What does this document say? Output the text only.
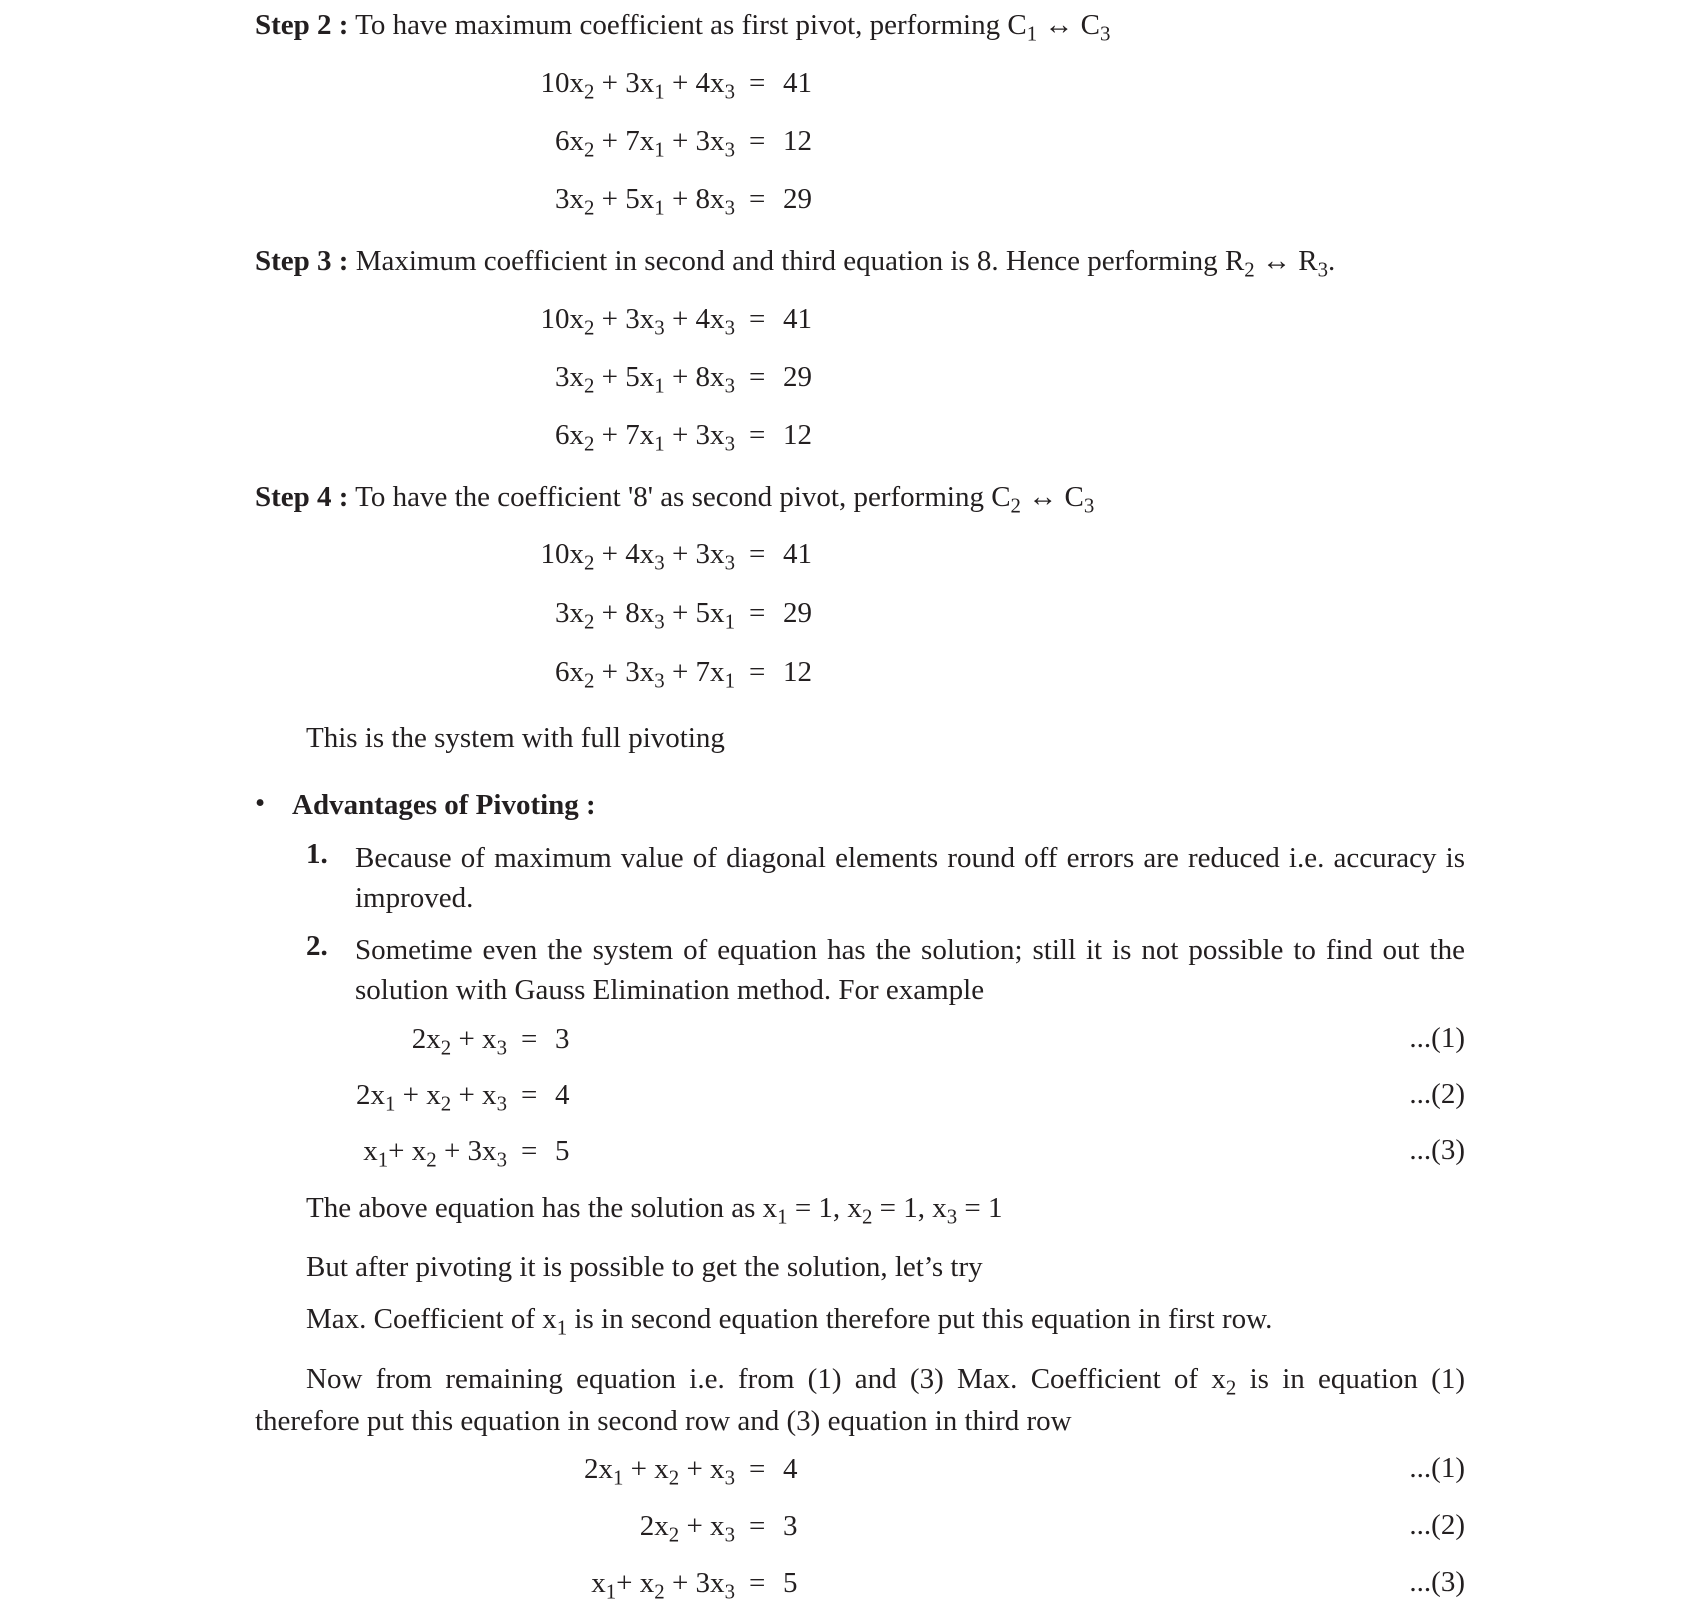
Step 2 : To have maximum coefficient as first pivot, performing $C_1$ ↔ $C_3$
$10x_2 + 3x_1 + 4x_3 = 41$
$6x_2 + 7x_1 + 3x_3 = 12$
$3x_2 + 5x_1 + 8x_3 = 29$
Step 3 : Maximum coefficient in second and third equation is 8. Hence performing $R_2$ ↔ $R_3$.
$10x_2 + 3x_3 + 4x_3 = 41$
$3x_2 + 5x_1 + 8x_3 = 29$
$6x_2 + 7x_1 + 3x_3 = 12$
Step 4 : To have the coefficient '8' as second pivot, performing $C_2$ ↔ $C_3$
$10x_2 + 4x_3 + 3x_3 = 41$
$3x_2 + 8x_3 + 5x_1 = 29$
$6x_2 + 3x_3 + 7x_1 = 12$
This is the system with full pivoting
• Advantages of Pivoting :
1. Because of maximum value of diagonal elements round off errors are reduced i.e. accuracy is improved.
2. Sometime even the system of equation has the solution; still it is not possible to find out the solution with Gauss Elimination method. For example
$2x_2 + x_3 = 3$	...(1)
$2x_1 + x_2 + x_3 = 4$	...(2)
$x_1+ x_2 + 3x_3 = 5$	...(3)
The above equation has the solution as $x_1 = 1$, $x_2 = 1$, $x_3 = 1$
But after pivoting it is possible to get the solution, let’s try
Max. Coefficient of $x_1$ is in second equation therefore put this equation in first row.
Now from remaining equation i.e. from (1) and (3) Max. Coefficient of $x_2$ is in equation (1) therefore put this equation in second row and (3) equation in third row
$2x_1 + x_2 + x_3 = 4$	...(1)
$2x_2 + x_3 = 3$	...(2)
$x_1+ x_2 + 3x_3 = 5$	...(3)
